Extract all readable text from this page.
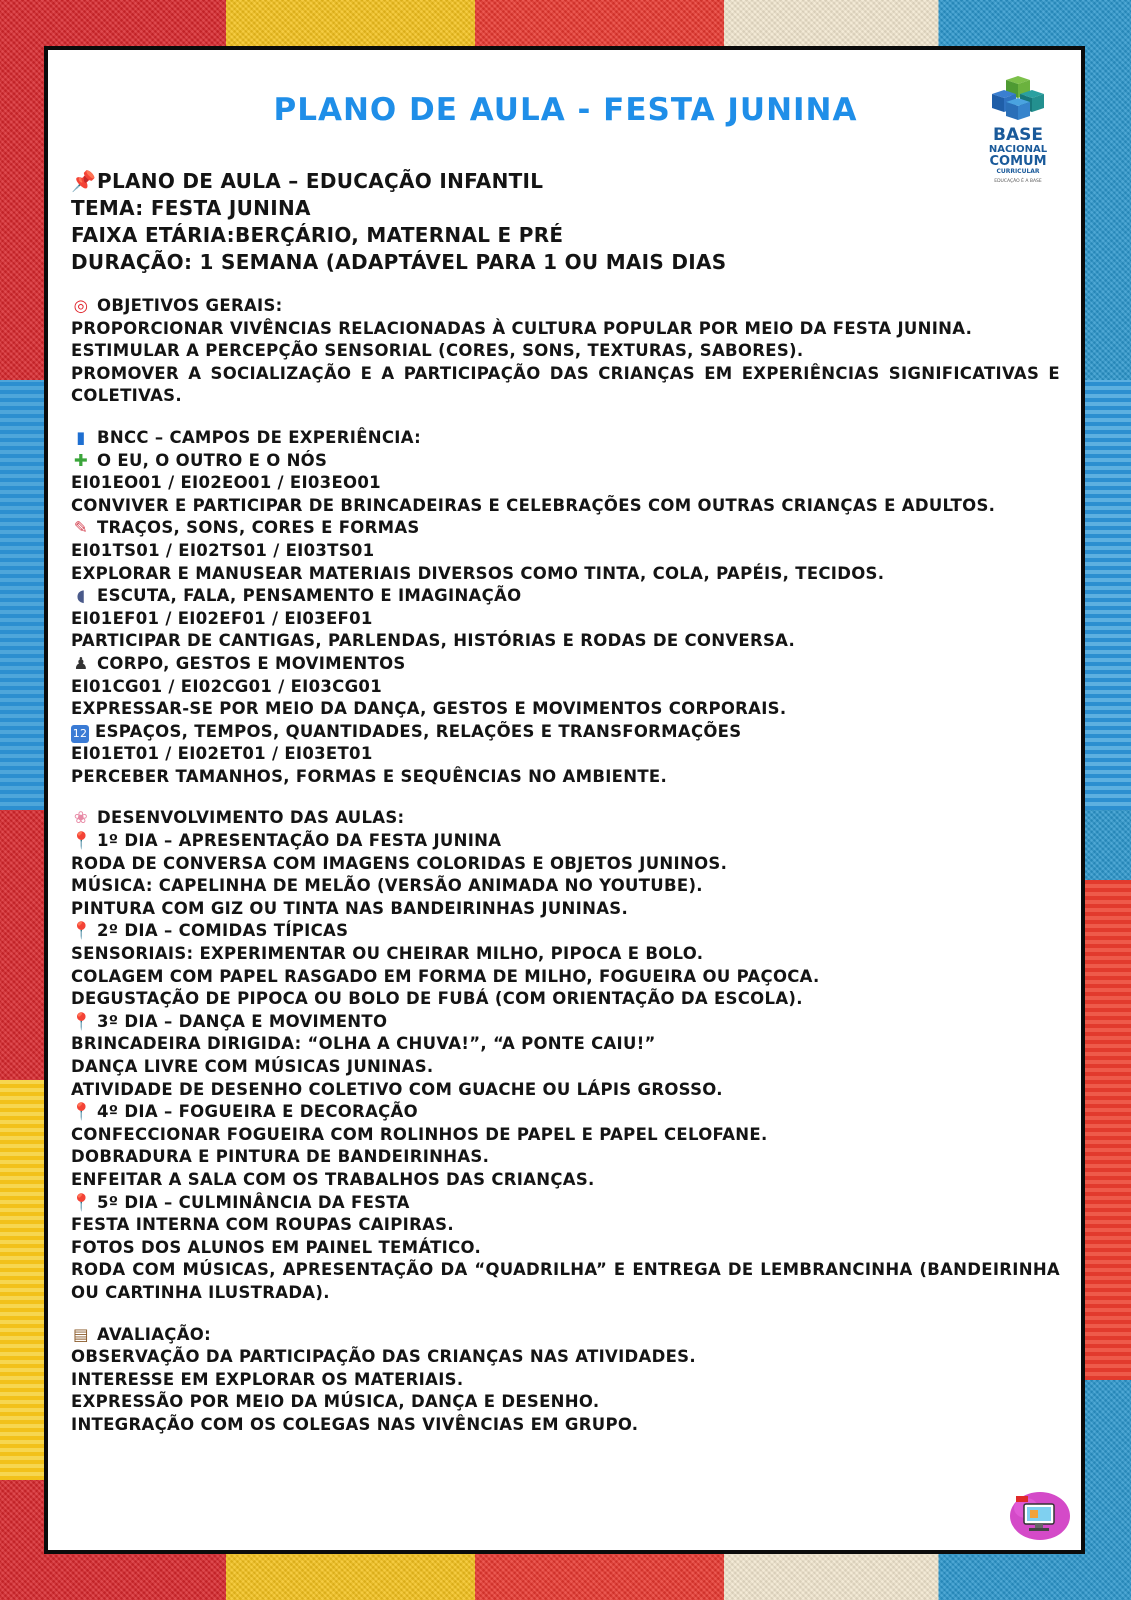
PLANO DE AULA - FESTA JUNINA
BASE
NACIONAL
COMUM
CURRICULAR
EDUCAÇÃO É A BASE
📌PLANO DE AULA – EDUCAÇÃO INFANTIL
TEMA: FESTA JUNINA
FAIXA ETÁRIA:BERÇÁRIO, MATERNAL E PRÉ
DURAÇÃO: 1 SEMANA (ADAPTÁVEL PARA 1 OU MAIS DIAS
◎ OBJETIVOS GERAIS:
PROPORCIONAR VIVÊNCIAS RELACIONADAS À CULTURA POPULAR POR MEIO DA FESTA JUNINA.
ESTIMULAR A PERCEPÇÃO SENSORIAL (CORES, SONS, TEXTURAS, SABORES).
PROMOVER A SOCIALIZAÇÃO E A PARTICIPAÇÃO DAS CRIANÇAS EM EXPERIÊNCIAS SIGNIFICATIVAS E COLETIVAS.
▮ BNCC – CAMPOS DE EXPERIÊNCIA:
✚ O EU, O OUTRO E O NÓS
EI01EO01 / EI02EO01 / EI03EO01
CONVIVER E PARTICIPAR DE BRINCADEIRAS E CELEBRAÇÕES COM OUTRAS CRIANÇAS E ADULTOS.
✎ TRAÇOS, SONS, CORES E FORMAS
EI01TS01 / EI02TS01 / EI03TS01
EXPLORAR E MANUSEAR MATERIAIS DIVERSOS COMO TINTA, COLA, PAPÉIS, TECIDOS.
◖ ESCUTA, FALA, PENSAMENTO E IMAGINAÇÃO
EI01EF01 / EI02EF01 / EI03EF01
PARTICIPAR DE CANTIGAS, PARLENDAS, HISTÓRIAS E RODAS DE CONVERSA.
♟ CORPO, GESTOS E MOVIMENTOS
EI01CG01 / EI02CG01 / EI03CG01
EXPRESSAR-SE POR MEIO DA DANÇA, GESTOS E MOVIMENTOS CORPORAIS.
12 ESPAÇOS, TEMPOS, QUANTIDADES, RELAÇÕES E TRANSFORMAÇÕES
EI01ET01 / EI02ET01 / EI03ET01
PERCEBER TAMANHOS, FORMAS E SEQUÊNCIAS NO AMBIENTE.
❀ DESENVOLVIMENTO DAS AULAS:
📍 1º DIA – APRESENTAÇÃO DA FESTA JUNINA
RODA DE CONVERSA COM IMAGENS COLORIDAS E OBJETOS JUNINOS.
MÚSICA: CAPELINHA DE MELÃO (VERSÃO ANIMADA NO YOUTUBE).
PINTURA COM GIZ OU TINTA NAS BANDEIRINHAS JUNINAS.
📍 2º DIA – COMIDAS TÍPICAS
SENSORIAIS: EXPERIMENTAR OU CHEIRAR MILHO, PIPOCA E BOLO.
COLAGEM COM PAPEL RASGADO EM FORMA DE MILHO, FOGUEIRA OU PAÇOCA.
DEGUSTAÇÃO DE PIPOCA OU BOLO DE FUBÁ (COM ORIENTAÇÃO DA ESCOLA).
📍 3º DIA – DANÇA E MOVIMENTO
BRINCADEIRA DIRIGIDA: “OLHA A CHUVA!”, “A PONTE CAIU!”
DANÇA LIVRE COM MÚSICAS JUNINAS.
ATIVIDADE DE DESENHO COLETIVO COM GUACHE OU LÁPIS GROSSO.
📍 4º DIA – FOGUEIRA E DECORAÇÃO
CONFECCIONAR FOGUEIRA COM ROLINHOS DE PAPEL E PAPEL CELOFANE.
DOBRADURA E PINTURA DE BANDEIRINHAS.
ENFEITAR A SALA COM OS TRABALHOS DAS CRIANÇAS.
📍 5º DIA – CULMINÂNCIA DA FESTA
FESTA INTERNA COM ROUPAS CAIPIRAS.
FOTOS DOS ALUNOS EM PAINEL TEMÁTICO.
RODA COM MÚSICAS, APRESENTAÇÃO DA “QUADRILHA” E ENTREGA DE LEMBRANCINHA (BANDEIRINHA OU CARTINHA ILUSTRADA).
▤ AVALIAÇÃO:
OBSERVAÇÃO DA PARTICIPAÇÃO DAS CRIANÇAS NAS ATIVIDADES.
INTERESSE EM EXPLORAR OS MATERIAIS.
EXPRESSÃO POR MEIO DA MÚSICA, DANÇA E DESENHO.
INTEGRAÇÃO COM OS COLEGAS NAS VIVÊNCIAS EM GRUPO.
